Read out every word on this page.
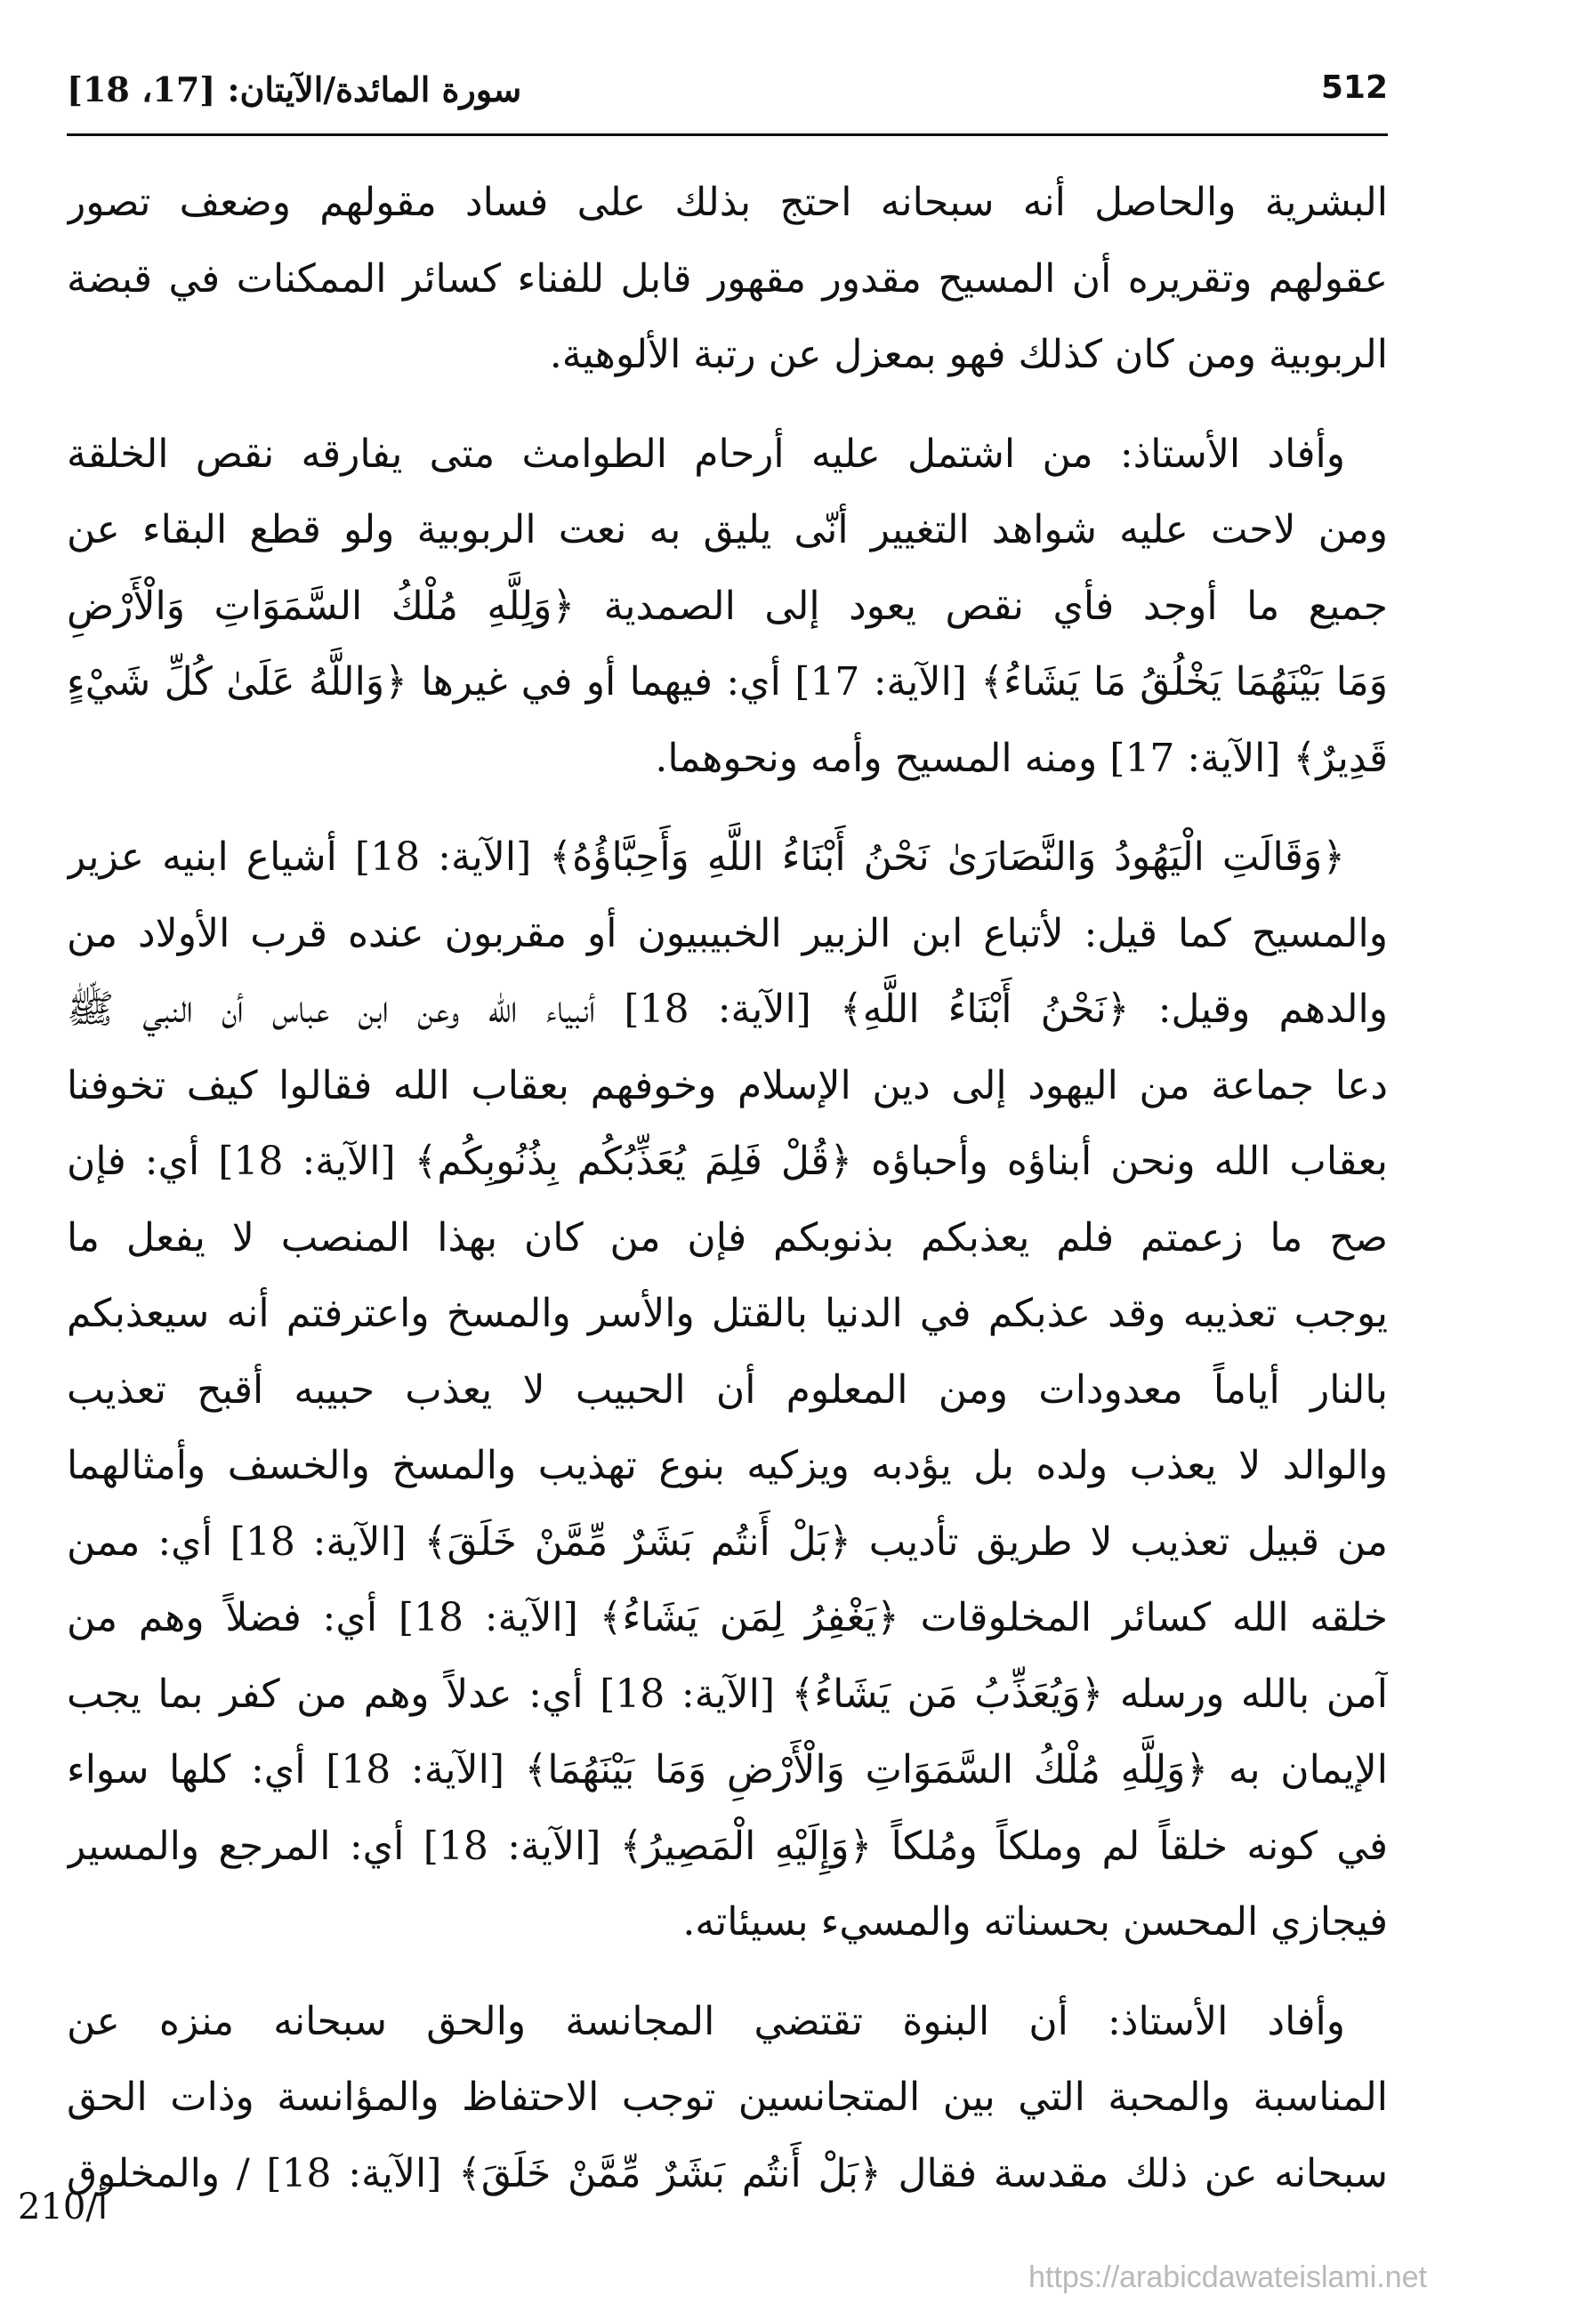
512
سورة المائدة/الآيتان: [17، 18]

البشرية والحاصل أنه سبحانه احتج بذلك على فساد مقولهم وضعف تصور
عقولهم وتقريره أن المسيح مقدور مقهور قابل للفناء كسائر الممكنات في قبضة
الربوبية ومن كان كذلك فهو بمعزل عن رتبة الألوهية.

وأفاد الأستاذ: من اشتمل عليه أرحام الطوامث متى يفارقه نقص الخلقة
ومن لاحت عليه شواهد التغيير أنّى يليق به نعت الربوبية ولو قطع البقاء عن
جميع ما أوجد فأي نقص يعود إلى الصمدية ﴿وَلِلَّهِ مُلْكُ السَّمَوَاتِ وَالْأَرْضِ
وَمَا بَيْنَهُمَا يَخْلُقُ مَا يَشَاءُ﴾ [الآية: 17] أي: فيهما أو في غيرها ﴿وَاللَّهُ عَلَىٰ كُلِّ شَيْءٍ
قَدِيرٌ﴾ [الآية: 17] ومنه المسيح وأمه ونحوهما.

﴿وَقَالَتِ الْيَهُودُ وَالنَّصَارَىٰ نَحْنُ أَبْنَاءُ اللَّهِ وَأَحِبَّاؤُهُ﴾ [الآية: 18] أشياع ابنيه عزير
والمسيح كما قيل: لأتباع ابن الزبير الخبيبيون أو مقربون عنده قرب الأولاد من
والدهم وقيل: ﴿نَحْنُ أَبْنَاءُ اللَّهِ﴾ [الآية: 18] أنبياء الله وعن ابن عباس أن النبي ﷺ
دعا جماعة من اليهود إلى دين الإسلام وخوفهم بعقاب الله فقالوا كيف تخوفنا
بعقاب الله ونحن أبناؤه وأحباؤه ﴿قُلْ فَلِمَ يُعَذِّبُكُم بِذُنُوبِكُم﴾ [الآية: 18] أي: فإن
صح ما زعمتم فلم يعذبكم بذنوبكم فإن من كان بهذا المنصب لا يفعل ما
يوجب تعذيبه وقد عذبكم في الدنيا بالقتل والأسر والمسخ واعترفتم أنه سيعذبكم
بالنار أياماً معدودات ومن المعلوم أن الحبيب لا يعذب حبيبه أقبح تعذيب
والوالد لا يعذب ولده بل يؤدبه ويزكيه بنوع تهذيب والمسخ والخسف وأمثالهما
من قبيل تعذيب لا طريق تأديب ﴿بَلْ أَنتُم بَشَرٌ مِّمَّنْ خَلَقَ﴾ [الآية: 18] أي: ممن
خلقه الله كسائر المخلوقات ﴿يَغْفِرُ لِمَن يَشَاءُ﴾ [الآية: 18] أي: فضلاً وهم من
آمن بالله ورسله ﴿وَيُعَذِّبُ مَن يَشَاءُ﴾ [الآية: 18] أي: عدلاً وهم من كفر بما يجب
الإيمان به ﴿وَلِلَّهِ مُلْكُ السَّمَوَاتِ وَالْأَرْضِ وَمَا بَيْنَهُمَا﴾ [الآية: 18] أي: كلها سواء
في كونه خلقاً لم وملكاً ومُلكاً ﴿وَإِلَيْهِ الْمَصِيرُ﴾ [الآية: 18] أي: المرجع والمسير
فيجازي المحسن بحسناته والمسيء بسيئاته.

وأفاد الأستاذ: أن البنوة تقتضي المجانسة والحق سبحانه منزه عن
المناسبة والمحبة التي بين المتجانسين توجب الاحتفاظ والمؤانسة وذات الحق
سبحانه عن ذلك مقدسة فقال ﴿بَلْ أَنتُم بَشَرٌ مِّمَّنْ خَلَقَ﴾ [الآية: 18] / والمخلوق

210/أ
https://arabicdawateislami.net
